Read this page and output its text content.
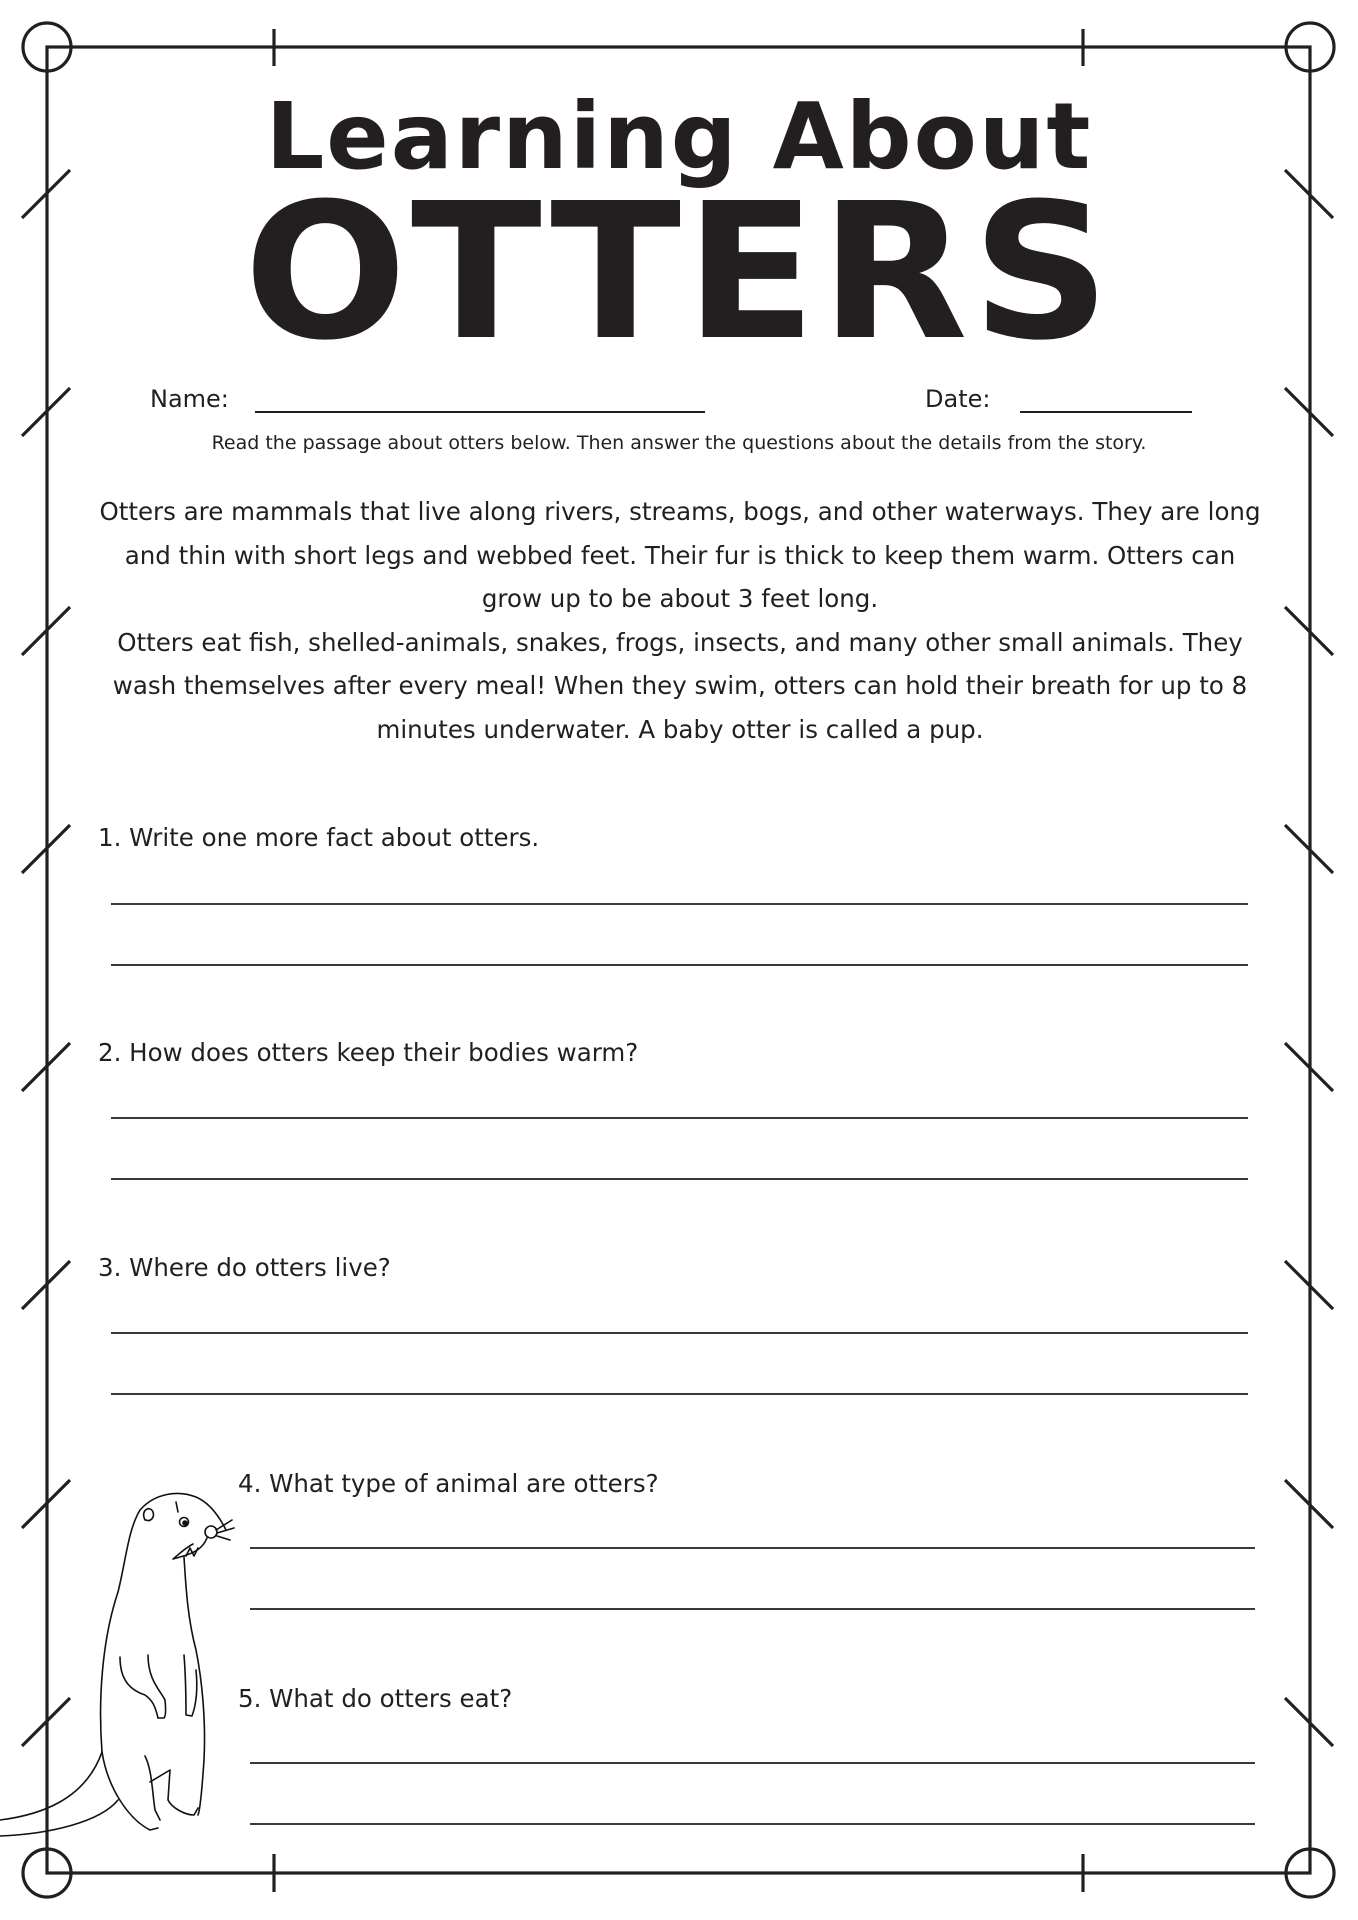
Learning About
OTTERS
Name:	Date:
Read the passage about otters below. Then answer the questions about the details from the story.

Otters are mammals that live along rivers, streams, bogs, and other waterways. They are long and thin with short legs and webbed feet. Their fur is thick to keep them warm. Otters can grow up to be about 3 feet long.

Otters eat fish, shelled-animals, snakes, frogs, insects, and many other small animals. They wash themselves after every meal! When they swim, otters can hold their breath for up to 8 minutes underwater. A baby otter is called a pup.

1. Write one more fact about otters.
2. How does otters keep their bodies warm?
3. Where do otters live?
4. What type of animal are otters?
5. What do otters eat?
